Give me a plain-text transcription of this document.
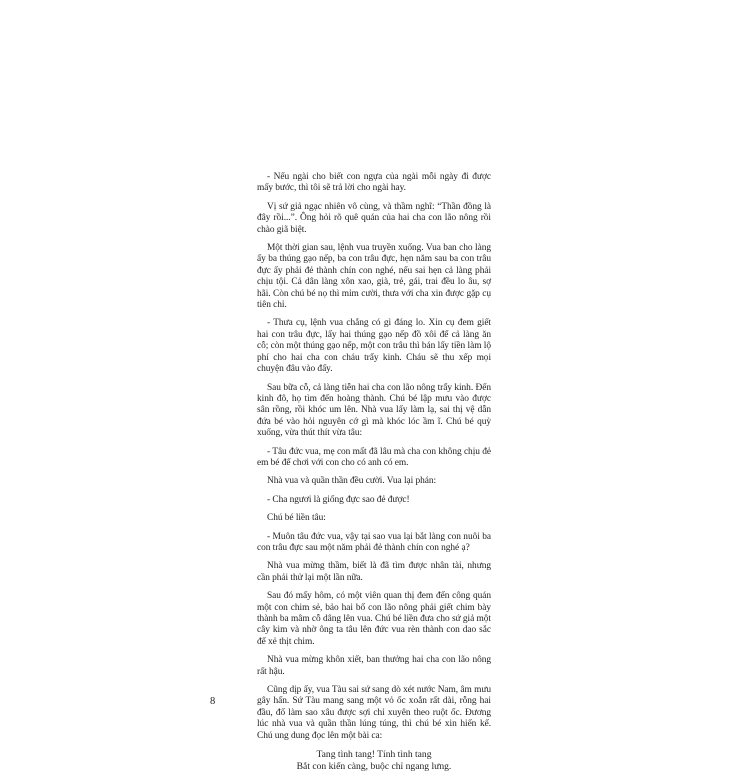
- Nếu ngài cho biết con ngựa của ngài mỗi ngày đi được mấy bước, thì tôi sẽ trả lời cho ngài hay.

Vị sứ giả ngạc nhiên vô cùng, và thầm nghĩ: “Thần đồng là đây rồi...”. Ông hỏi rõ quê quán của hai cha con lão nông rồi chào giã biệt.

Một thời gian sau, lệnh vua truyền xuống. Vua ban cho làng ấy ba thúng gạo nếp, ba con trâu đực, hẹn năm sau ba con trâu đực ấy phải đẻ thành chín con nghé, nếu sai hẹn cả làng phải chịu tội. Cả dân làng xôn xao, già, trẻ, gái, trai đều lo âu, sợ hãi. Còn chú bé nọ thì mỉm cười, thưa với cha xin được gặp cụ tiên chỉ.

- Thưa cụ, lệnh vua chẳng có gì đáng lo. Xin cụ đem giết hai con trâu đực, lấy hai thúng gạo nếp đồ xôi để cả làng ăn cỗ; còn một thúng gạo nếp, một con trâu thì bán lấy tiền làm lộ phí cho hai cha con cháu trẩy kinh. Cháu sẽ thu xếp mọi chuyện đâu vào đấy.

Sau bữa cỗ, cả làng tiễn hai cha con lão nông trẩy kinh. Đến kinh đô, họ tìm đến hoàng thành. Chú bé lập mưu vào được sân rồng, rồi khóc um lên. Nhà vua lấy làm lạ, sai thị vệ dẫn đứa bé vào hỏi nguyên cớ gì mà khóc lóc ầm ĩ. Chú bé quỳ xuống, vừa thút thít vừa tâu:

- Tâu đức vua, mẹ con mất đã lâu mà cha con không chịu đẻ em bé để chơi với con cho có anh có em.

Nhà vua và quần thần đều cười. Vua lại phán:

- Cha ngươi là giống đực sao đẻ được!

Chú bé liền tâu:

- Muôn tâu đức vua, vậy tại sao vua lại bắt làng con nuôi ba con trâu đực sau một năm phải đẻ thành chín con nghé ạ?

Nhà vua mừng thầm, biết là đã tìm được nhân tài, nhưng cần phải thử lại một lần nữa.

Sau đó mấy hôm, có một viên quan thị đem đến công quán một con chim sẻ, bảo hai bố con lão nông phải giết chim bày thành ba mâm cỗ dâng lên vua. Chú bé liền đưa cho sứ giả một cây kim và nhờ ông ta tâu lên đức vua rèn thành con dao sắc để xẻ thịt chim.

Nhà vua mừng khôn xiết, ban thưởng hai cha con lão nông rất hậu.

Cũng dịp ấy, vua Tàu sai sứ sang dò xét nước Nam, âm mưu gây hấn. Sứ Tàu mang sang một vỏ ốc xoắn rất dài, rỗng hai đầu, đố làm sao xâu được sợi chỉ xuyên theo ruột ốc. Đương lúc nhà vua và quần thần lúng túng, thì chú bé xin hiến kế. Chú ung dung đọc lên một bài ca:

Tang tình tang! Tính tình tang

Bắt con kiến càng, buộc chỉ ngang lưng.

8
